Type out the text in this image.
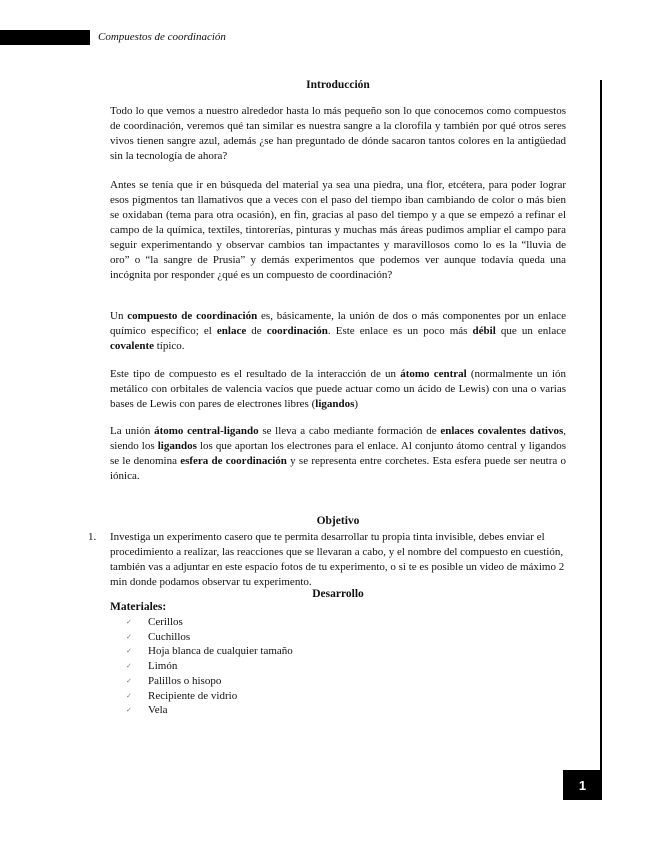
Compuestos de coordinación
Introducción

Todo lo que vemos a nuestro alrededor hasta lo más pequeño son lo que conocemos como compuestos de coordinación, veremos qué tan similar es nuestra sangre a la clorofila y también por qué otros seres vivos tienen sangre azul, además ¿se han preguntado de dónde sacaron tantos colores en la antigüedad sin la tecnología de ahora?

Antes se tenía que ir en búsqueda del material ya sea una piedra, una flor, etcétera, para poder lograr esos pigmentos tan llamativos que a veces con el paso del tiempo iban cambiando de color o más bien se oxidaban (tema para otra ocasión), en fin, gracias al paso del tiempo y a que se empezó a refinar el campo de la química, textiles, tintorerías, pinturas y muchas más áreas pudimos ampliar el campo para seguir experimentando y observar cambios tan impactantes y maravillosos como lo es la “lluvia de oro” o “la sangre de Prusia” y demás experimentos que podemos ver aunque todavía queda una incógnita por responder ¿qué es un compuesto de coordinación?

Un compuesto de coordinación es, básicamente, la unión de dos o más componentes por un enlace químico específico; el enlace de coordinación. Este enlace es un poco más débil que un enlace covalente típico.

Este tipo de compuesto es el resultado de la interacción de un átomo central (normalmente un ión metálico con orbitales de valencia vacíos que puede actuar como un ácido de Lewis) con una o varias bases de Lewis con pares de electrones libres (ligandos)

La unión átomo central-ligando se lleva a cabo mediante formación de enlaces covalentes dativos, siendo los ligandos los que aportan los electrones para el enlace. Al conjunto átomo central y ligandos se le denomina esfera de coordinación y se representa entre corchetes. Esta esfera puede ser neutra o iónica.

Objetivo
1. Investiga un experimento casero que te permita desarrollar tu propia tinta invisible, debes enviar el procedimiento a realizar, las reacciones que se llevaran a cabo, y el nombre del compuesto en cuestión, también vas a adjuntar en este espacio fotos de tu experimento, o si te es posible un video de máximo 2 min donde podamos observar tu experimento.
Desarrollo
Materiales:
✓ Cerillos
✓ Cuchillos
✓ Hoja blanca de cualquier tamaño
✓ Limón
✓ Palillos o hisopo
✓ Recipiente de vidrio
✓ Vela
1
